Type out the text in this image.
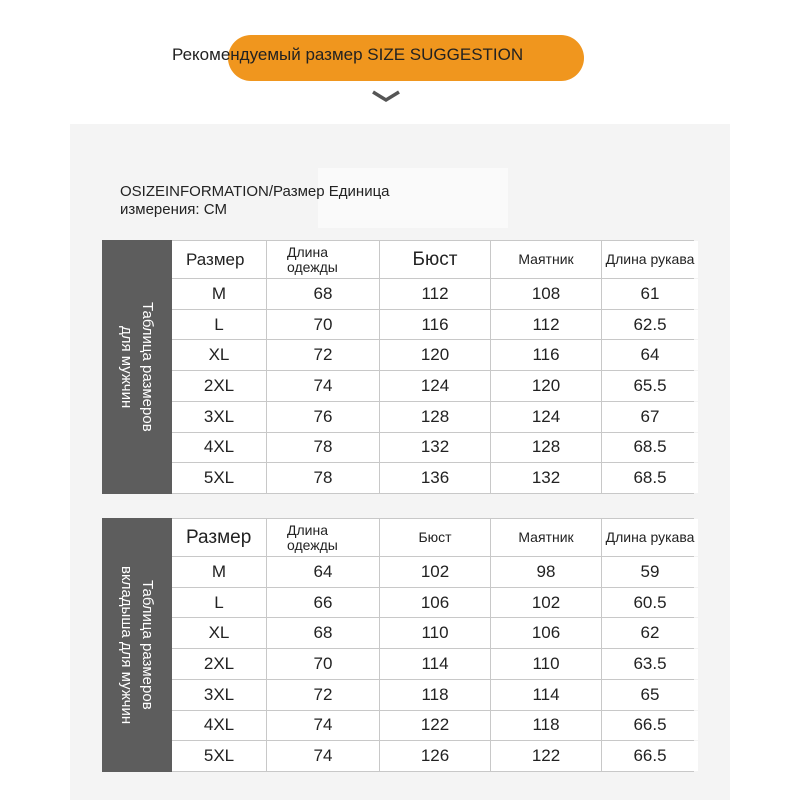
Рекомендуемый размер SIZE SUGGESTION
OSIZEINFORMATION/Размер Единица измерения: CM
Таблица размеров
для мужчин
Размер	Длина одежды	Бюст	Маятник	Длина рукава
M	68	112	108	61
L	70	116	112	62.5
XL	72	120	116	64
2XL	74	124	120	65.5
3XL	76	128	124	67
4XL	78	132	128	68.5
5XL	78	136	132	68.5
Таблица размеров
вкладыша для мужчин
Размер	Длина одежды	Бюст	Маятник	Длина рукава
M	64	102	98	59
L	66	106	102	60.5
XL	68	110	106	62
2XL	70	114	110	63.5
3XL	72	118	114	65
4XL	74	122	118	66.5
5XL	74	126	122	66.5
